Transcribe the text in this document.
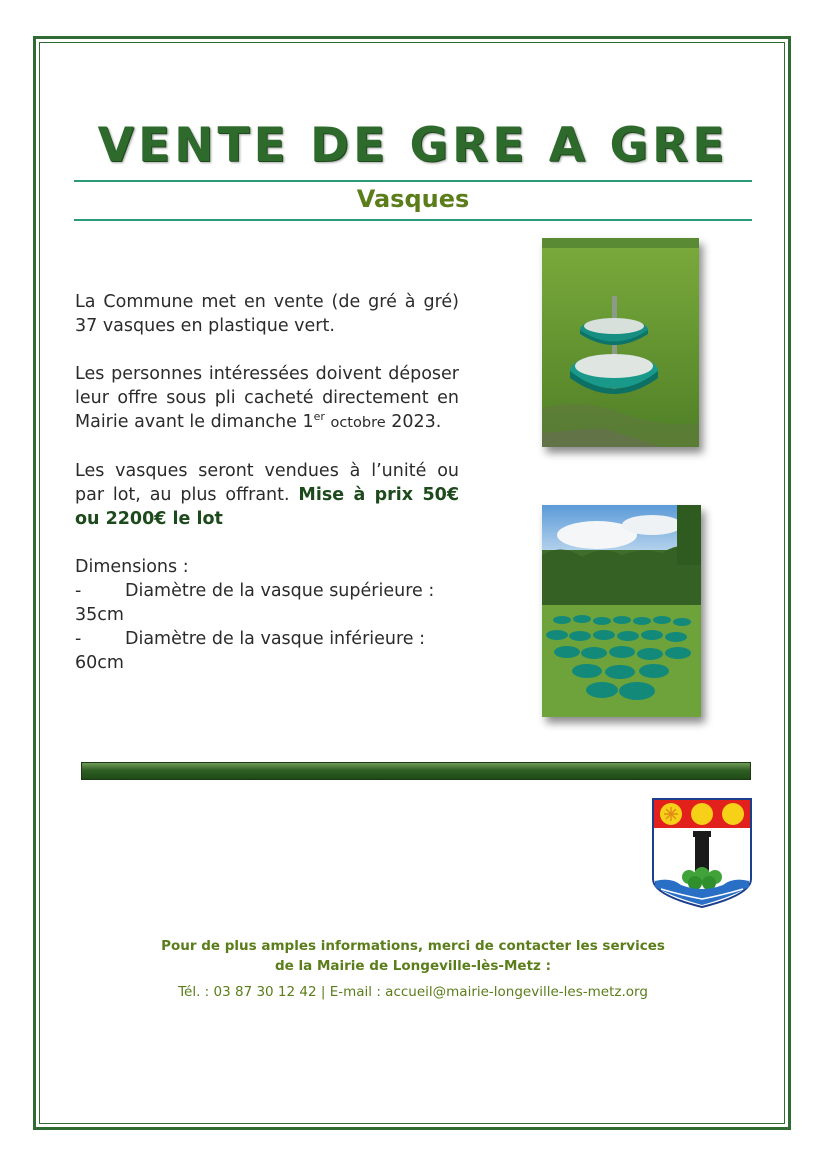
VENTE DE GRE A GRE
Vasques

La Commune met en vente (de gré à gré) 37 vasques en plastique vert.

Les personnes intéressées doivent déposer leur offre sous pli cacheté directement en Mairie avant le dimanche 1er octobre 2023.

Les vasques seront vendues à l’unité ou par lot, au plus offrant. Mise à prix 50€ ou 2200€ le lot

Dimensions :
- Diamètre de la vasque supérieure : 35cm
- Diamètre de la vasque inférieure : 60cm

Pour de plus amples informations, merci de contacter les services
de la Mairie de Longeville-lès-Metz :
Tél. : 03 87 30 12 42 | E-mail : accueil@mairie-longeville-les-metz.org
